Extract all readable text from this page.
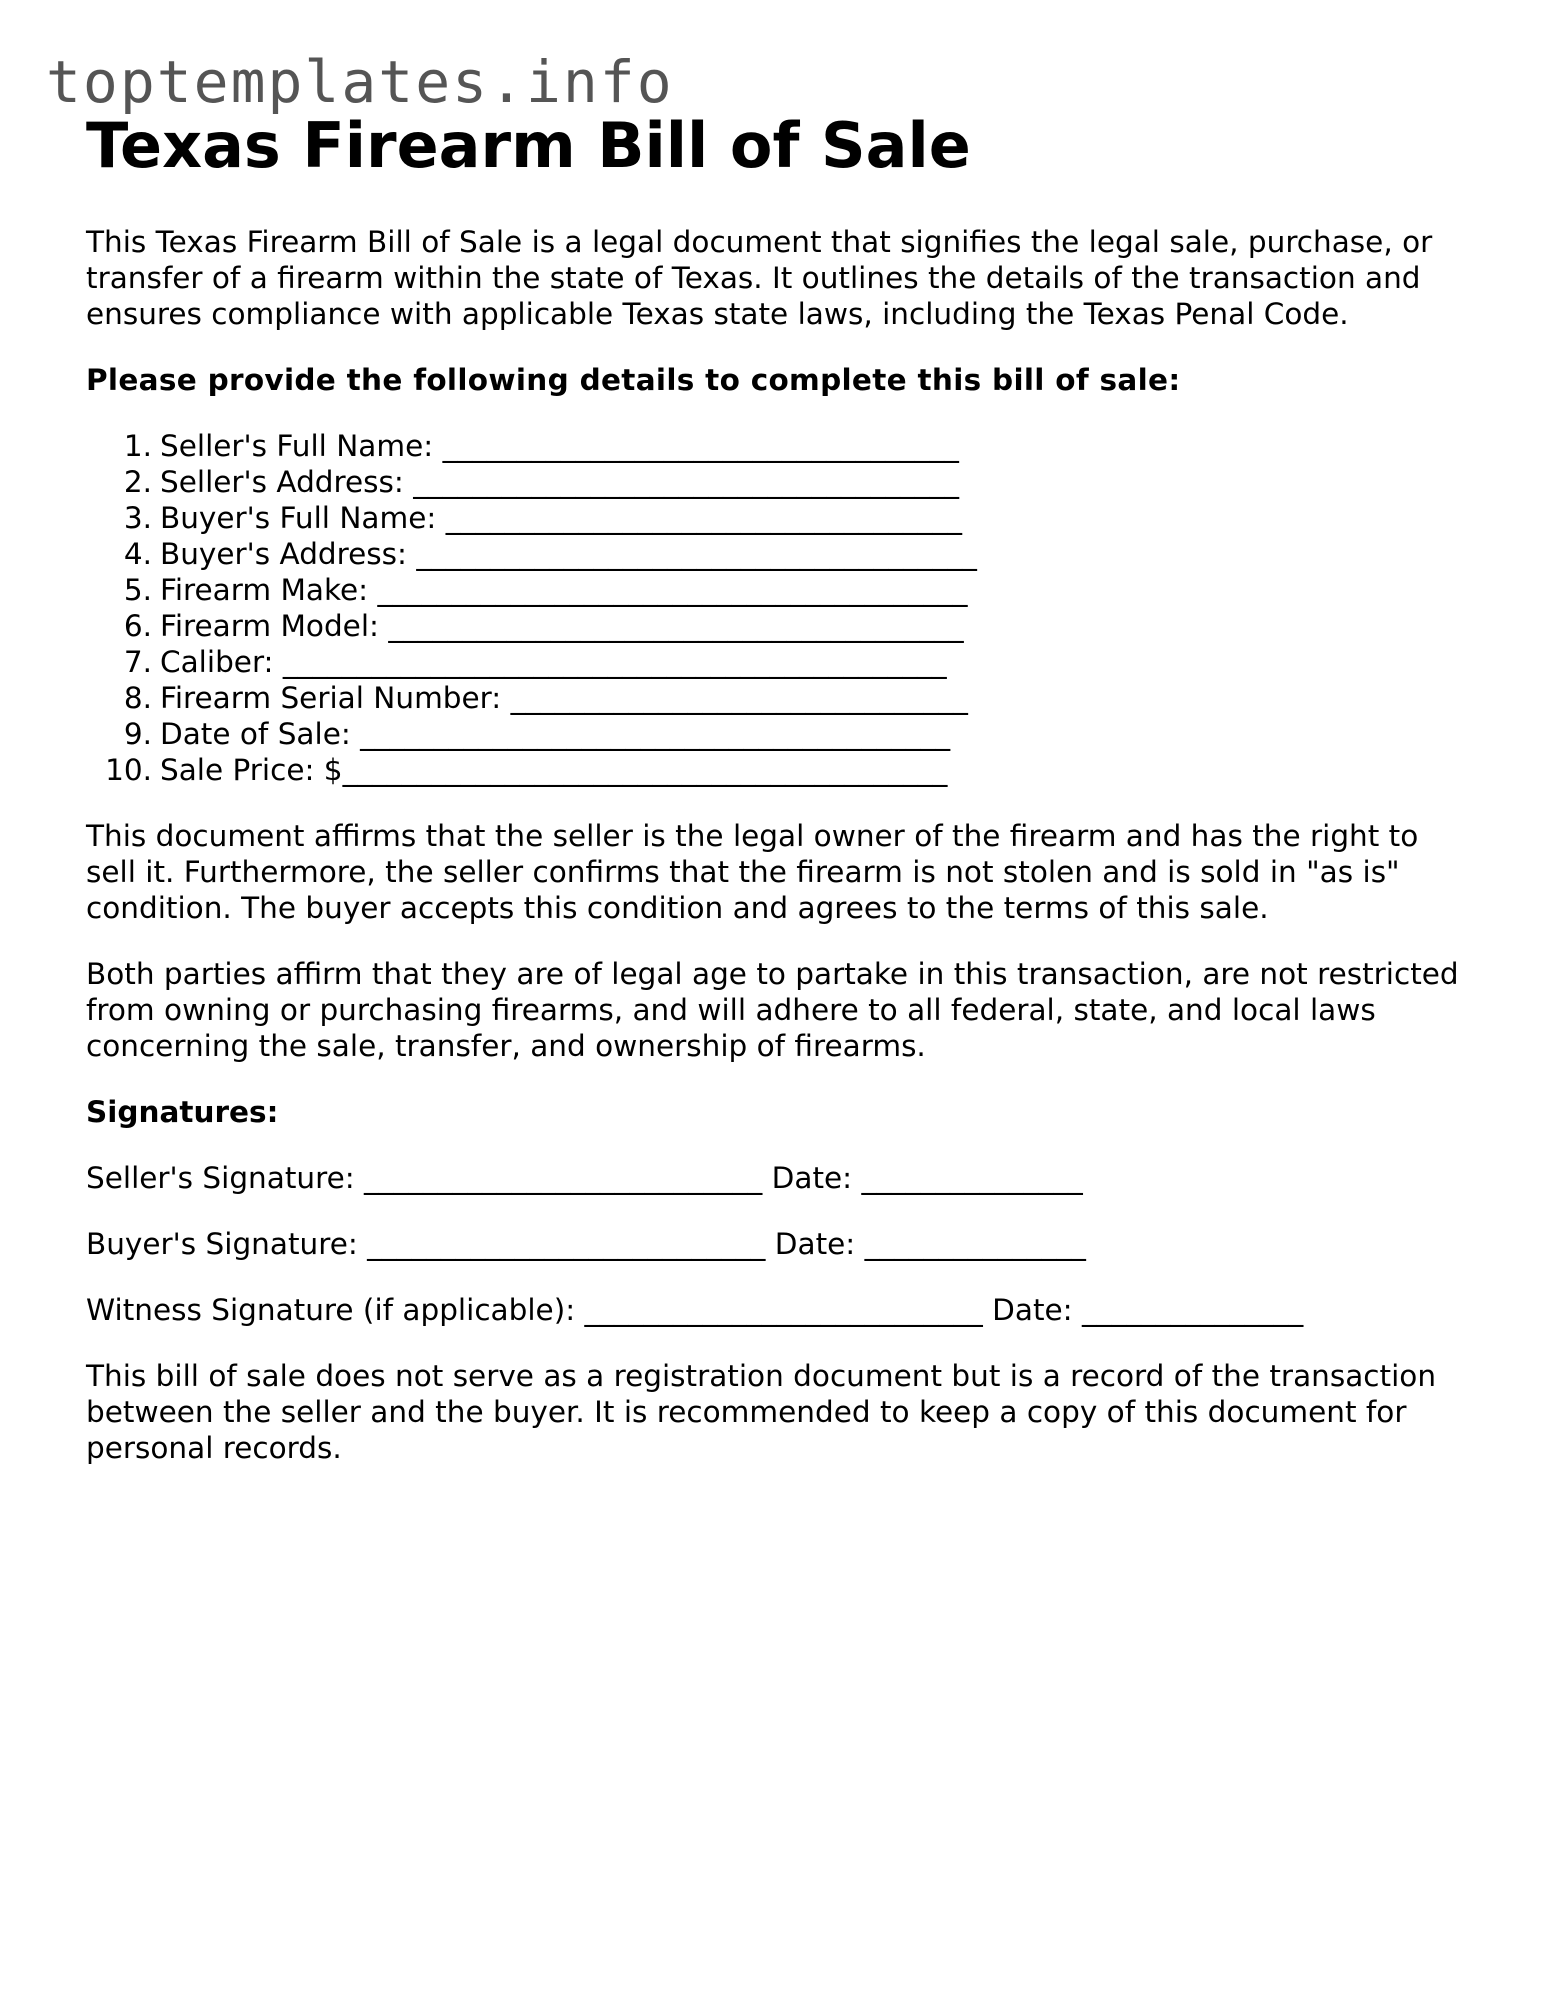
toptemplates.info
Texas Firearm Bill of Sale

This Texas Firearm Bill of Sale is a legal document that signifies the legal sale, purchase, or transfer of a firearm within the state of Texas. It outlines the details of the transaction and ensures compliance with applicable Texas state laws, including the Texas Penal Code.

Please provide the following details to complete this bill of sale:

1. Seller's Full Name: ___________________________________
2. Seller's Address: _____________________________________
3. Buyer's Full Name: ___________________________________
4. Buyer's Address: ______________________________________
5. Firearm Make: ________________________________________
6. Firearm Model: _______________________________________
7. Caliber: _____________________________________________
8. Firearm Serial Number: _______________________________
9. Date of Sale: ________________________________________
10. Sale Price: $_________________________________________

This document affirms that the seller is the legal owner of the firearm and has the right to sell it. Furthermore, the seller confirms that the firearm is not stolen and is sold in "as is" condition. The buyer accepts this condition and agrees to the terms of this sale.

Both parties affirm that they are of legal age to partake in this transaction, are not restricted from owning or purchasing firearms, and will adhere to all federal, state, and local laws concerning the sale, transfer, and ownership of firearms.

Signatures:

Seller's Signature: ___________________________ Date: _______________

Buyer's Signature: ___________________________ Date: _______________

Witness Signature (if applicable): ___________________________ Date: _______________

This bill of sale does not serve as a registration document but is a record of the transaction between the seller and the buyer. It is recommended to keep a copy of this document for personal records.
